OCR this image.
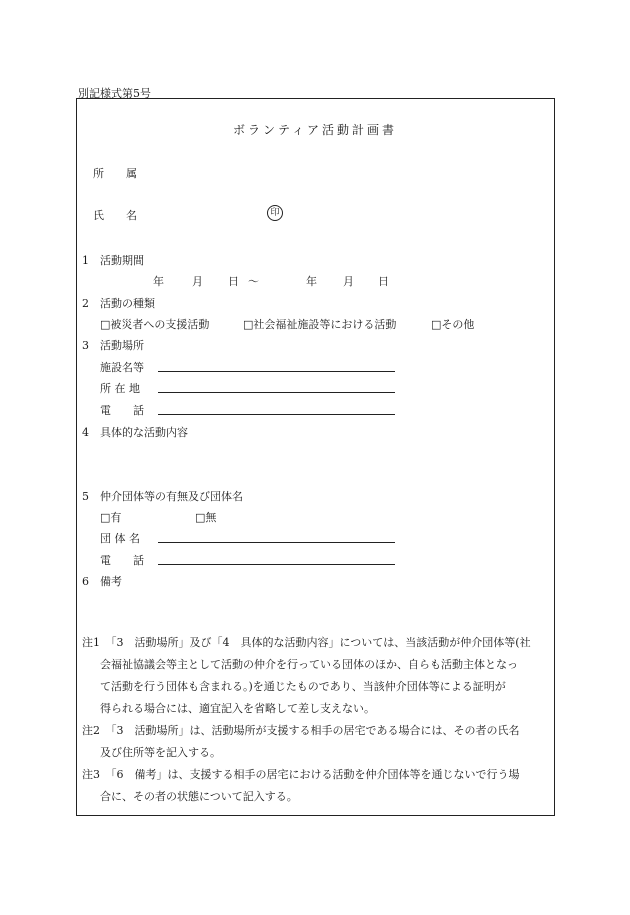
別記様式第5号
ボランティア活動計画書
所　　属
氏　　名	印
1　活動期間
年	月 日 ～	年 月 日
2　活動の種類
□被災者への支援活動	□社会福祉施設等における活動	□その他
3　活動場所
施設名等
所 在 地
電　　話
4　具体的な活動内容
5　仲介団体等の有無及び団体名
□有	□無
団 体 名
電　　話
6　備考
注1　「3　活動場所」及び「4　具体的な活動内容」については、当該活動が仲介団体等(社
会福祉協議会等主として活動の仲介を行っている団体のほか、自らも活動主体となっ
て活動を行う団体も含まれる。)を通じたものであり、当該仲介団体等による証明が
得られる場合には、適宜記入を省略して差し支えない。
注2　「3　活動場所」は、活動場所が支援する相手の居宅である場合には、その者の氏名
及び住所等を記入する。
注3　「6　備考」は、支援する相手の居宅における活動を仲介団体等を通じないで行う場
合に、その者の状態について記入する。
